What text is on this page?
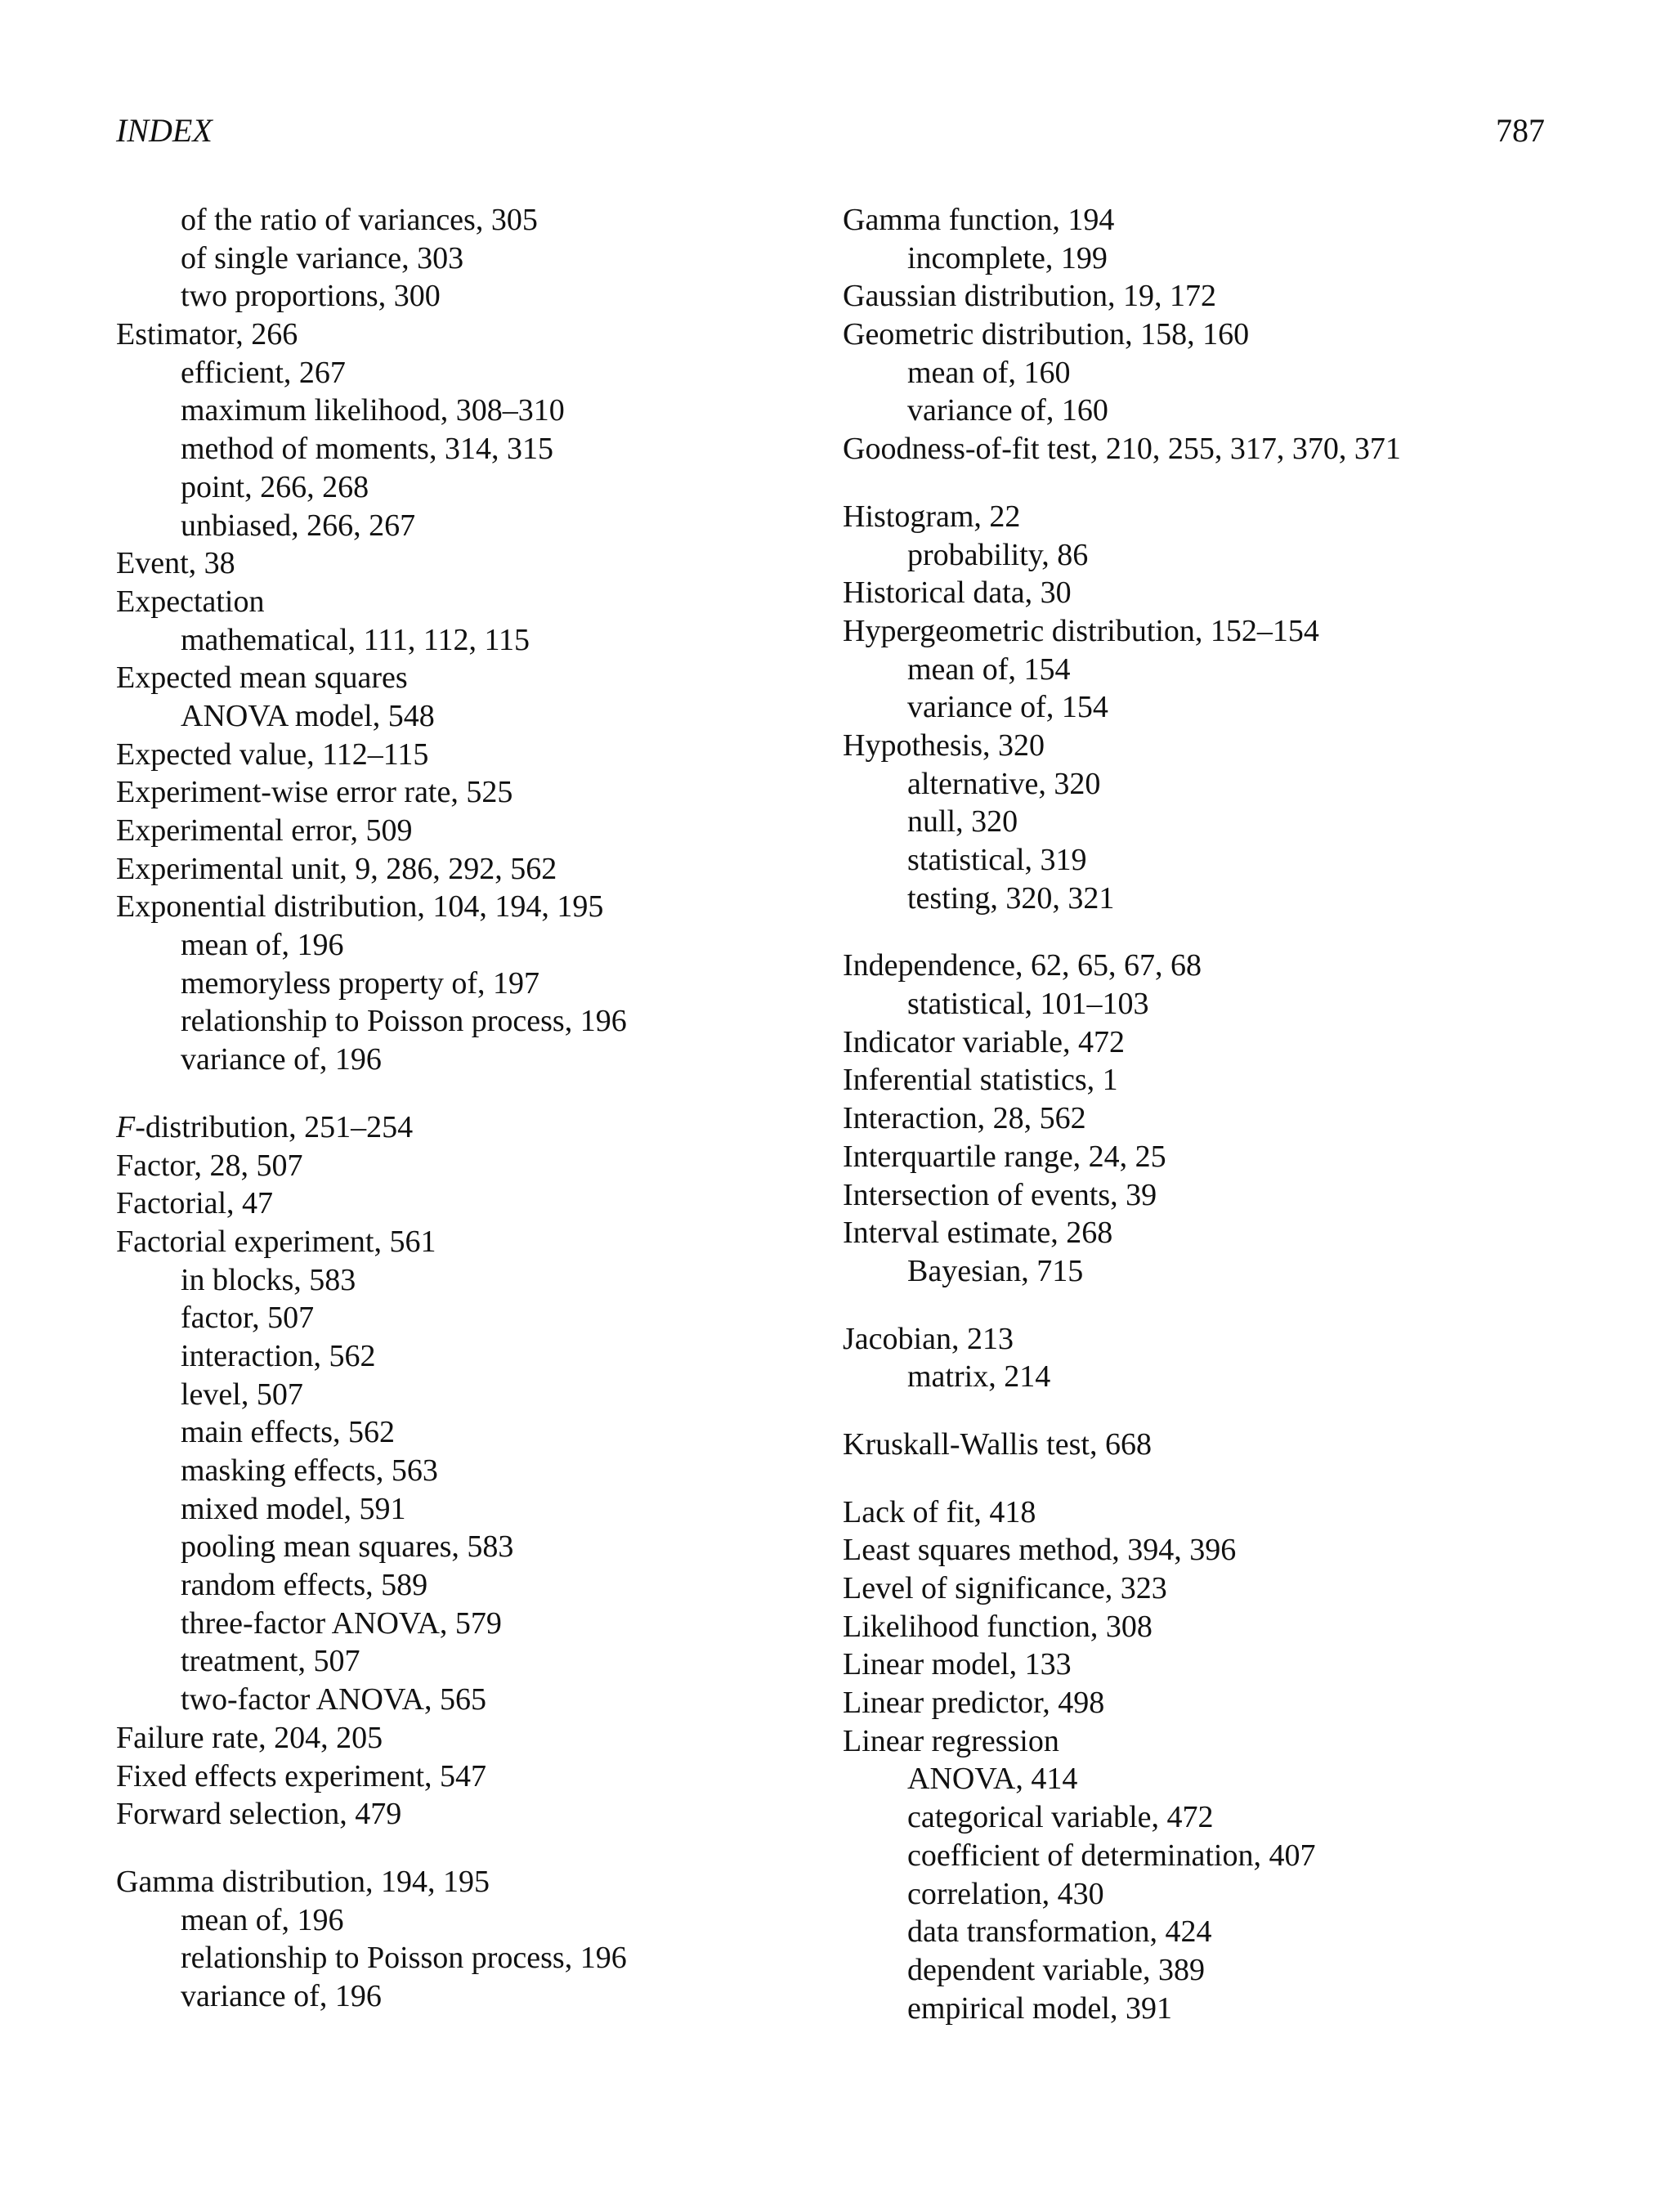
INDEX	787
of the ratio of variances, 305
of single variance, 303
two proportions, 300
Estimator, 266
efficient, 267
maximum likelihood, 308–310
method of moments, 314, 315
point, 266, 268
unbiased, 266, 267
Event, 38
Expectation
mathematical, 111, 112, 115
Expected mean squares
ANOVA model, 548
Expected value, 112–115
Experiment-wise error rate, 525
Experimental error, 509
Experimental unit, 9, 286, 292, 562
Exponential distribution, 104, 194, 195
mean of, 196
memoryless property of, 197
relationship to Poisson process, 196
variance of, 196
F-distribution, 251–254
Factor, 28, 507
Factorial, 47
Factorial experiment, 561
in blocks, 583
factor, 507
interaction, 562
level, 507
main effects, 562
masking effects, 563
mixed model, 591
pooling mean squares, 583
random effects, 589
three-factor ANOVA, 579
treatment, 507
two-factor ANOVA, 565
Failure rate, 204, 205
Fixed effects experiment, 547
Forward selection, 479
Gamma distribution, 194, 195
mean of, 196
relationship to Poisson process, 196
variance of, 196
Gamma function, 194
incomplete, 199
Gaussian distribution, 19, 172
Geometric distribution, 158, 160
mean of, 160
variance of, 160
Goodness-of-fit test, 210, 255, 317, 370, 371
Histogram, 22
probability, 86
Historical data, 30
Hypergeometric distribution, 152–154
mean of, 154
variance of, 154
Hypothesis, 320
alternative, 320
null, 320
statistical, 319
testing, 320, 321
Independence, 62, 65, 67, 68
statistical, 101–103
Indicator variable, 472
Inferential statistics, 1
Interaction, 28, 562
Interquartile range, 24, 25
Intersection of events, 39
Interval estimate, 268
Bayesian, 715
Jacobian, 213
matrix, 214
Kruskall-Wallis test, 668
Lack of fit, 418
Least squares method, 394, 396
Level of significance, 323
Likelihood function, 308
Linear model, 133
Linear predictor, 498
Linear regression
ANOVA, 414
categorical variable, 472
coefficient of determination, 407
correlation, 430
data transformation, 424
dependent variable, 389
empirical model, 391
